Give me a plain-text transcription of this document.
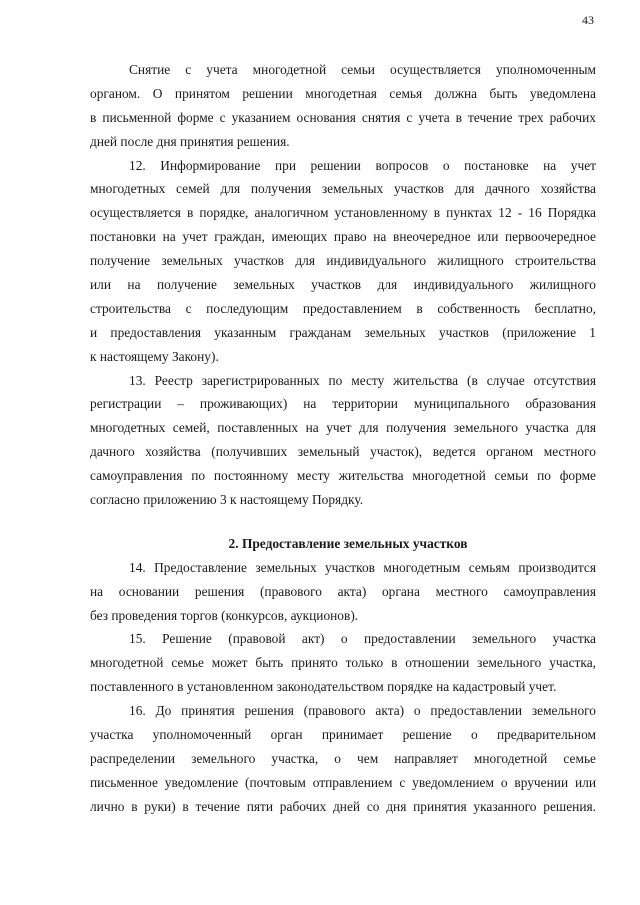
43
Снятие с учета многодетной семьи осуществляется уполномоченным
органом. О принятом решении многодетная семья должна быть уведомлена
в письменной форме с указанием основания снятия с учета в течение трех рабочих
дней после дня принятия решения.
12. Информирование при решении вопросов о постановке на учет
многодетных семей для получения земельных участков для дачного хозяйства
осуществляется в порядке, аналогичном установленному в пунктах 12 - 16 Порядка
постановки на учет граждан, имеющих право на внеочередное или первоочередное
получение земельных участков для индивидуального жилищного строительства
или на получение земельных участков для индивидуального жилищного
строительства с последующим предоставлением в собственность бесплатно,
и предоставления указанным гражданам земельных участков (приложение 1
к настоящему Закону).
13. Реестр зарегистрированных по месту жительства (в случае отсутствия
регистрации – проживающих) на территории муниципального образования
многодетных семей, поставленных на учет для получения земельного участка для
дачного хозяйства (получивших земельный участок), ведется органом местного
самоуправления по постоянному месту жительства многодетной семьи по форме
согласно приложению 3 к настоящему Порядку.
2. Предоставление земельных участков
14. Предоставление земельных участков многодетным семьям производится
на основании решения (правового акта) органа местного самоуправления
без проведения торгов (конкурсов, аукционов).
15. Решение (правовой акт) о предоставлении земельного участка
многодетной семье может быть принято только в отношении земельного участка,
поставленного в установленном законодательством порядке на кадастровый учет.
16. До принятия решения (правового акта) о предоставлении земельного
участка уполномоченный орган принимает решение о предварительном
распределении земельного участка, о чем направляет многодетной семье
письменное уведомление (почтовым отправлением с уведомлением о вручении или
лично в руки) в течение пяти рабочих дней со дня принятия указанного решения.
